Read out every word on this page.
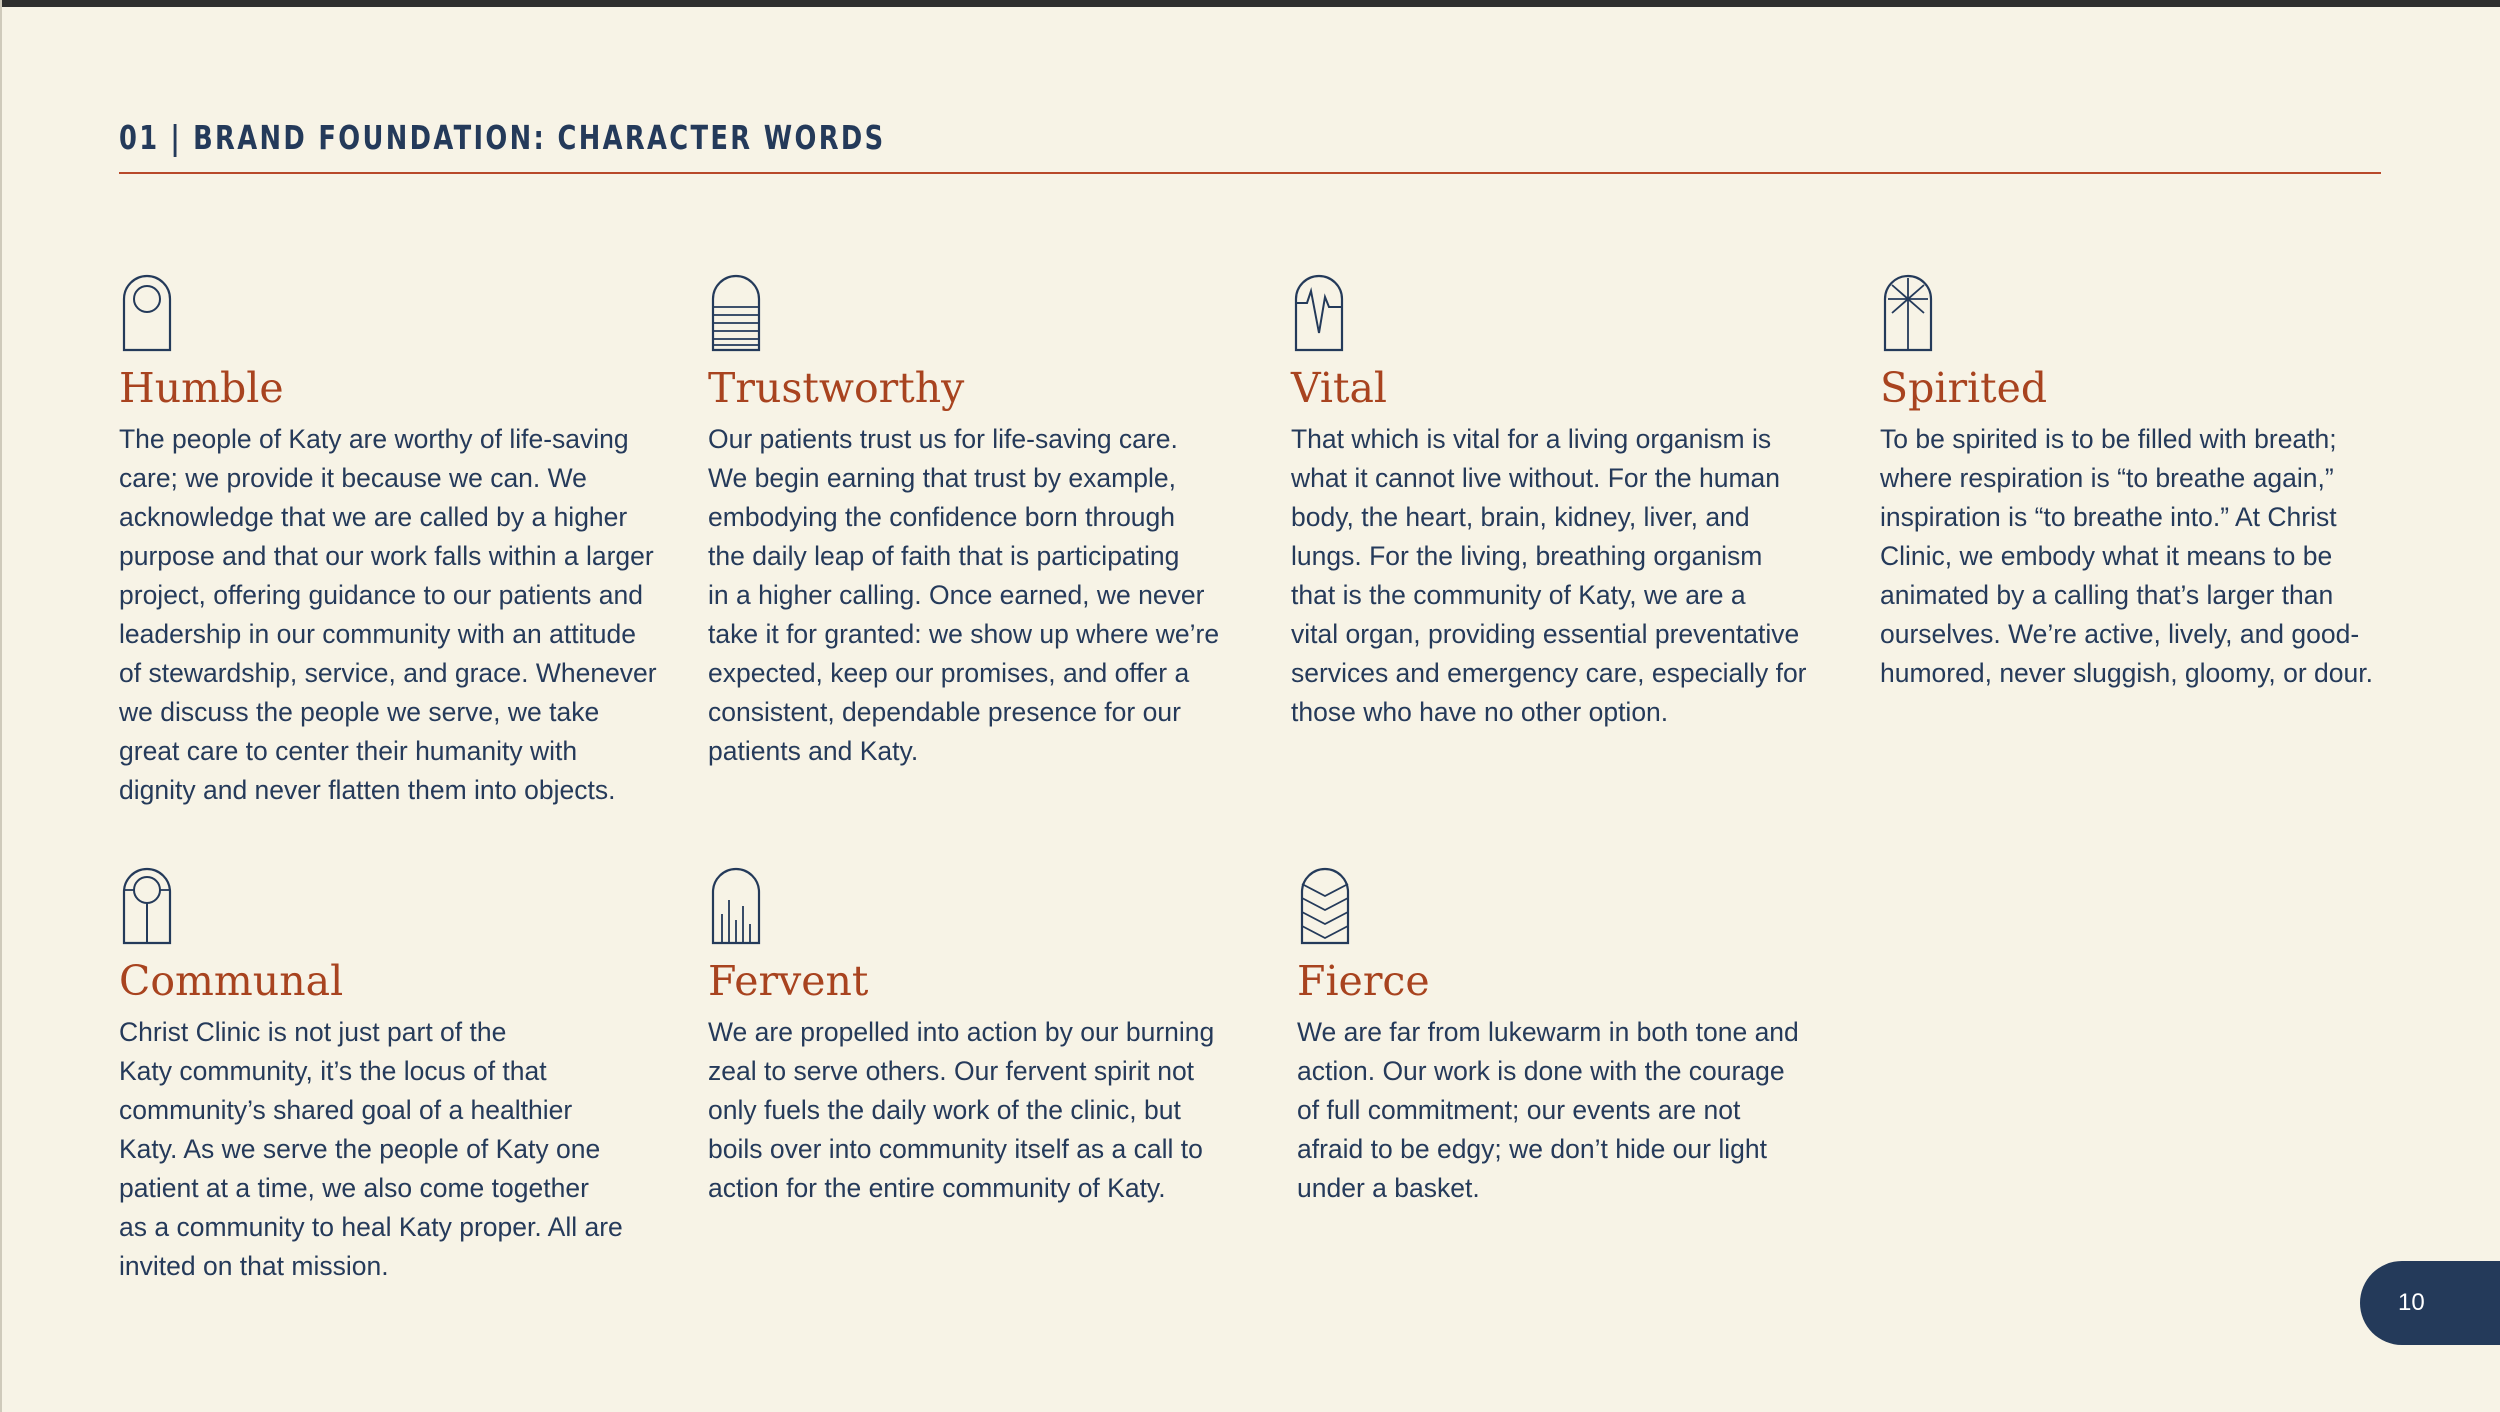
01 | BRAND FOUNDATION: CHARACTER WORDS
Humble
The people of Katy are worthy of life-saving
care; we provide it because we can. We
acknowledge that we are called by a higher
purpose and that our work falls within a larger
project, offering guidance to our patients and
leadership in our community with an attitude
of stewardship, service, and grace. Whenever
we discuss the people we serve, we take
great care to center their humanity with
dignity and never flatten them into objects.
Trustworthy
Our patients trust us for life-saving care.
We begin earning that trust by example,
embodying the confidence born through
the daily leap of faith that is participating
in a higher calling. Once earned, we never
take it for granted: we show up where we’re
expected, keep our promises, and offer a
consistent, dependable presence for our
patients and Katy.
Vital
That which is vital for a living organism is
what it cannot live without. For the human
body, the heart, brain, kidney, liver, and
lungs. For the living, breathing organism
that is the community of Katy, we are a
vital organ, providing essential preventative
services and emergency care, especially for
those who have no other option.
Spirited
To be spirited is to be filled with breath;
where respiration is “to breathe again,”
inspiration is “to breathe into.” At Christ
Clinic, we embody what it means to be
animated by a calling that’s larger than
ourselves. We’re active, lively, and good-
humored, never sluggish, gloomy, or dour.
Communal
Christ Clinic is not just part of the
Katy community, it’s the locus of that
community’s shared goal of a healthier
Katy. As we serve the people of Katy one
patient at a time, we also come together
as a community to heal Katy proper. All are
invited on that mission.
Fervent
We are propelled into action by our burning
zeal to serve others. Our fervent spirit not
only fuels the daily work of the clinic, but
boils over into community itself as a call to
action for the entire community of Katy.
Fierce
We are far from lukewarm in both tone and
action. Our work is done with the courage
of full commitment; our events are not
afraid to be edgy; we don’t hide our light
under a basket.
10
